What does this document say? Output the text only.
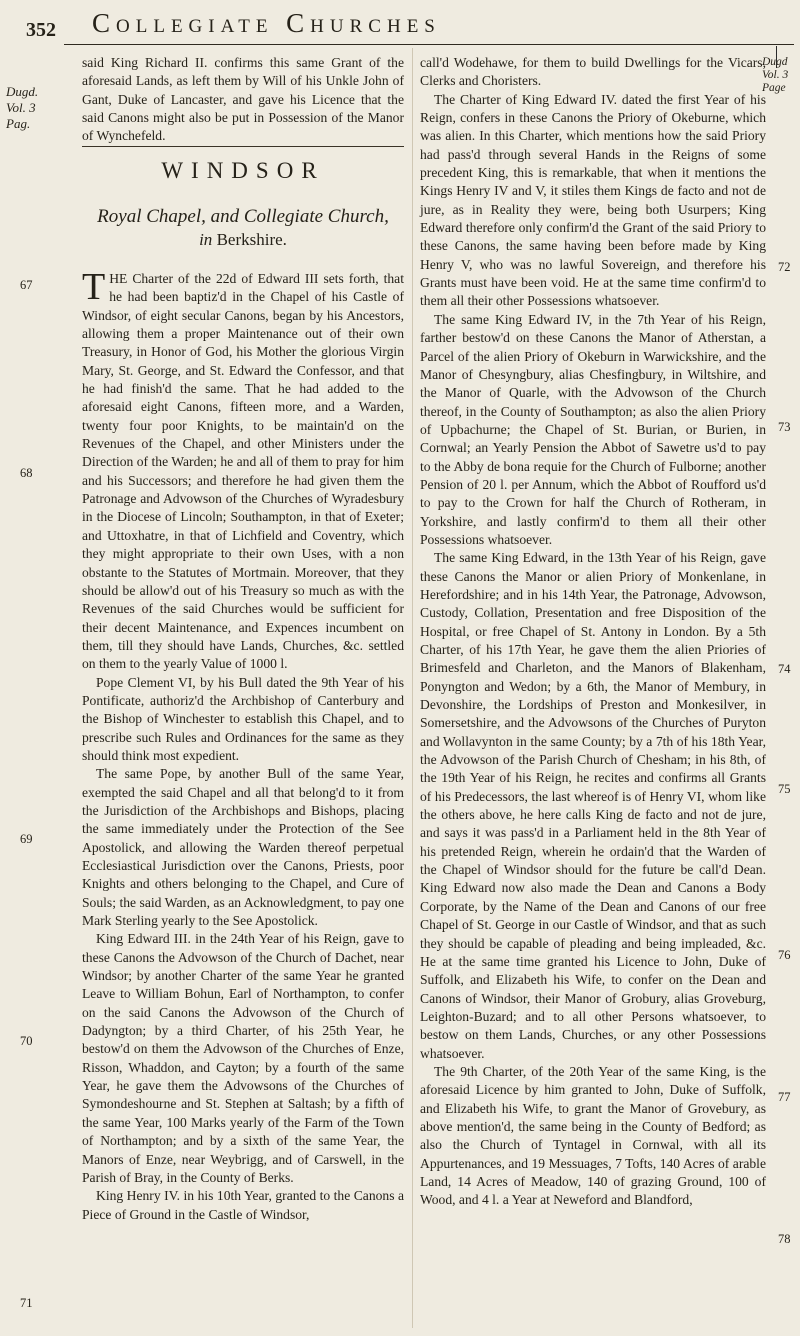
352 Collegiate Churches
Dugd. Vol. 3 Pag.
Dugd Vol. 3 Page
67
68
69
70
71
72
73
74
75
76
77
78

said King Richard II. confirms this same Grant of the aforesaid Lands, as left them by Will of his Unkle John of Gant, Duke of Lancaster, and gave his Licence that the said Canons might also be put in Possession of the Manor of Wynchefeld.

WINDSOR
Royal Chapel, and Collegiate Church,
in Berkshire.

THE Charter of the 22d of Edward III sets forth, that he had been baptiz'd in the Chapel of his Castle of Windsor, of eight secular Canons, began by his Ancestors, allowing them a proper Maintenance out of their own Treasury, in Honor of God, his Mother the glorious Virgin Mary, St. George, and St. Edward the Confessor, and that he had finish'd the same. That he had added to the aforesaid eight Canons, fifteen more, and a Warden, twenty four poor Knights, to be maintain'd on the Revenues of the Chapel, and other Ministers under the Direction of the Warden; he and all of them to pray for him and his Successors; and therefore he had given them the Patronage and Advowson of the Churches of Wyradesbury in the Diocese of Lincoln; Southampton, in that of Exeter; and Uttoxhatre, in that of Lichfield and Coventry, which they might appropriate to their own Uses, with a non obstante to the Statutes of Mortmain. Moreover, that they should be allow'd out of his Treasury so much as with the Revenues of the said Churches would be sufficient for their decent Maintenance, and Expences incumbent on them, till they should have Lands, Churches, &c. settled on them to the yearly Value of 1000 l.

Pope Clement VI, by his Bull dated the 9th Year of his Pontificate, authoriz'd the Archbishop of Canterbury and the Bishop of Winchester to establish this Chapel, and to prescribe such Rules and Ordinances for the same as they should think most expedient.

The same Pope, by another Bull of the same Year, exempted the said Chapel and all that belong'd to it from the Jurisdiction of the Archbishops and Bishops, placing the same immediately under the Protection of the See Apostolick, and allowing the Warden thereof perpetual Ecclesiastical Jurisdiction over the Canons, Priests, poor Knights and others belonging to the Chapel, and Cure of Souls; the said Warden, as an Acknowledgment, to pay one Mark Sterling yearly to the See Apostolick.

King Edward III. in the 24th Year of his Reign, gave to these Canons the Advowson of the Church of Dachet, near Windsor; by another Charter of the same Year he granted Leave to William Bohun, Earl of Northampton, to confer on the said Canons the Advowson of the Church of Dadyngton; by a third Charter, of his 25th Year, he bestow'd on them the Advowson of the Churches of Enze, Risson, Whaddon, and Cayton; by a fourth of the same Year, he gave them the Advowsons of the Churches of Symondeshourne and St. Stephen at Saltash; by a fifth of the same Year, 100 Marks yearly of the Farm of the Town of Northampton; and by a sixth of the same Year, the Manors of Enze, near Weybrigg, and of Carswell, in the Parish of Bray, in the County of Berks.

King Henry IV. in his 10th Year, granted to the Canons a Piece of Ground in the Castle of Windsor,

call'd Wodehawe, for them to build Dwellings for the Vicars, Clerks and Choristers.

The Charter of King Edward IV. dated the first Year of his Reign, confers in these Canons the Priory of Okeburne, which was alien. In this Charter, which mentions how the said Priory had pass'd through several Hands in the Reigns of some precedent King, this is remarkable, that when it mentions the Kings Henry IV and V, it stiles them Kings de facto and not de jure, as in Reality they were, being both Usurpers; King Edward therefore only confirm'd the Grant of the said Priory to these Canons, the same having been before made by King Henry V, who was no lawful Sovereign, and therefore his Grants must have been void. He at the same time confirm'd to them all their other Possessions whatsoever.

The same King Edward IV, in the 7th Year of his Reign, farther bestow'd on these Canons the Manor of Atherstan, a Parcel of the alien Priory of Okeburn in Warwickshire, and the Manor of Chesyngbury, alias Chesfingbury, in Wiltshire, and the Manor of Quarle, with the Advowson of the Church thereof, in the County of Southampton; as also the alien Priory of Upbachurne; the Chapel of St. Burian, or Burien, in Cornwal; an Yearly Pension the Abbot of Sawetre us'd to pay to the Abby de bona requie for the Church of Fulborne; another Pension of 20 l. per Annum, which the Abbot of Roufford us'd to pay to the Crown for half the Church of Rotheram, in Yorkshire, and lastly confirm'd to them all their other Possessions whatsoever.

The same King Edward, in the 13th Year of his Reign, gave these Canons the Manor or alien Priory of Monkenlane, in Herefordshire; and in his 14th Year, the Patronage, Advowson, Custody, Collation, Presentation and free Disposition of the Hospital, or free Chapel of St. Antony in London. By a 5th Charter, of his 17th Year, he gave them the alien Priories of Brimesfeld and Charleton, and the Manors of Blakenham, Ponyngton and Wedon; by a 6th, the Manor of Membury, in Devonshire, the Lordships of Preston and Monkesilver, in Somersetshire, and the Advowsons of the Churches of Puryton and Wollavynton in the same County; by a 7th of his 18th Year, the Advowson of the Parish Church of Chesham; in his 8th, of the 19th Year of his Reign, he recites and confirms all Grants of his Predecessors, the last whereof is of Henry VI, whom like the others above, he here calls King de facto and not de jure, and says it was pass'd in a Parliament held in the 8th Year of his pretended Reign, wherein he ordain'd that the Warden of the Chapel of Windsor should for the future be call'd Dean. King Edward now also made the Dean and Canons a Body Corporate, by the Name of the Dean and Canons of our free Chapel of St. George in our Castle of Windsor, and that as such they should be capable of pleading and being impleaded, &c. He at the same time granted his Licence to John, Duke of Suffolk, and Elizabeth his Wife, to confer on the Dean and Canons of Windsor, their Manor of Grobury, alias Groveburg, Leighton-Buzard; and to all other Persons whatsoever, to bestow on them Lands, Churches, or any other Possessions whatsoever.

The 9th Charter, of the 20th Year of the same King, is the aforesaid Licence by him granted to John, Duke of Suffolk, and Elizabeth his Wife, to grant the Manor of Grovebury, as above mention'd, the same being in the County of Bedford; as also the Church of Tyntagel in Cornwal, with all its Appurtenances, and 19 Messuages, 7 Tofts, 140 Acres of arable Land, 14 Acres of Meadow, 140 of grazing Ground, 100 of Wood, and 4 l. a Year at Neweford and Blandford,
